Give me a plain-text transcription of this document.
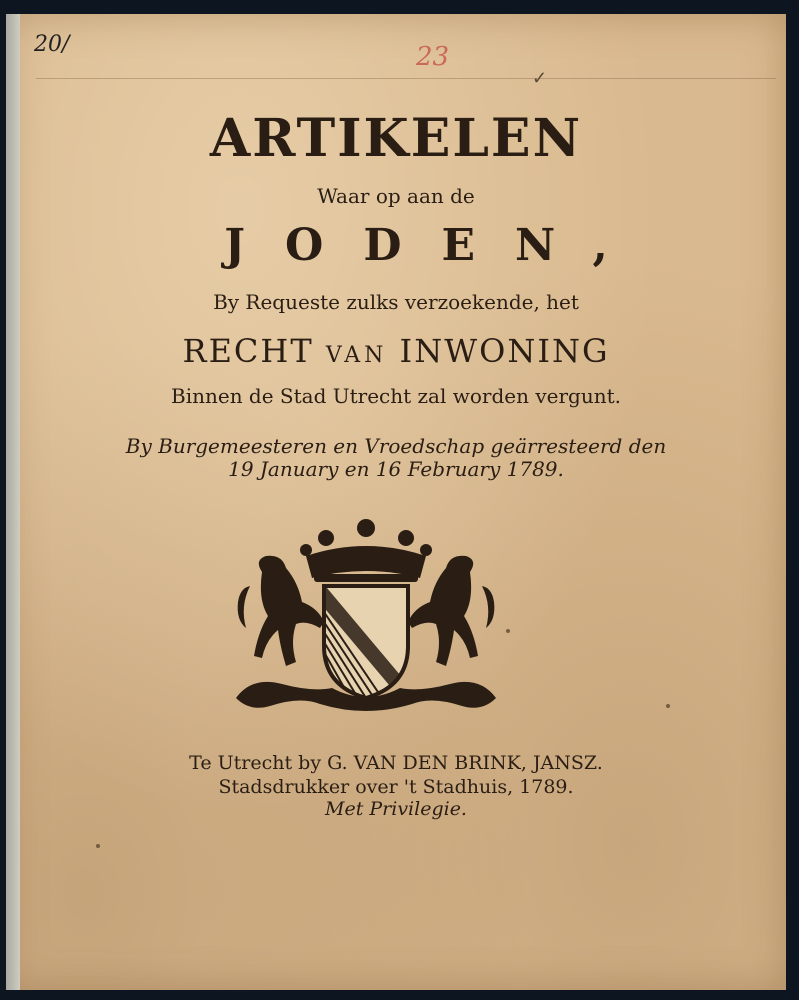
20/	23
✓
ARTIKELEN
Waar op aan de
JODEN,
By Requeste zulks verzoekende, het
RECHT VAN INWONING
Binnen de Stad Utrecht zal worden vergunt.
By Burgemeesteren en Vroedschap geärresteerd den
19 January en 16 February 1789.
Te Utrecht by G. VAN DEN BRINK, JANSZ.
Stadsdrukker over 't Stadhuis, 1789.
Met Privilegie.
